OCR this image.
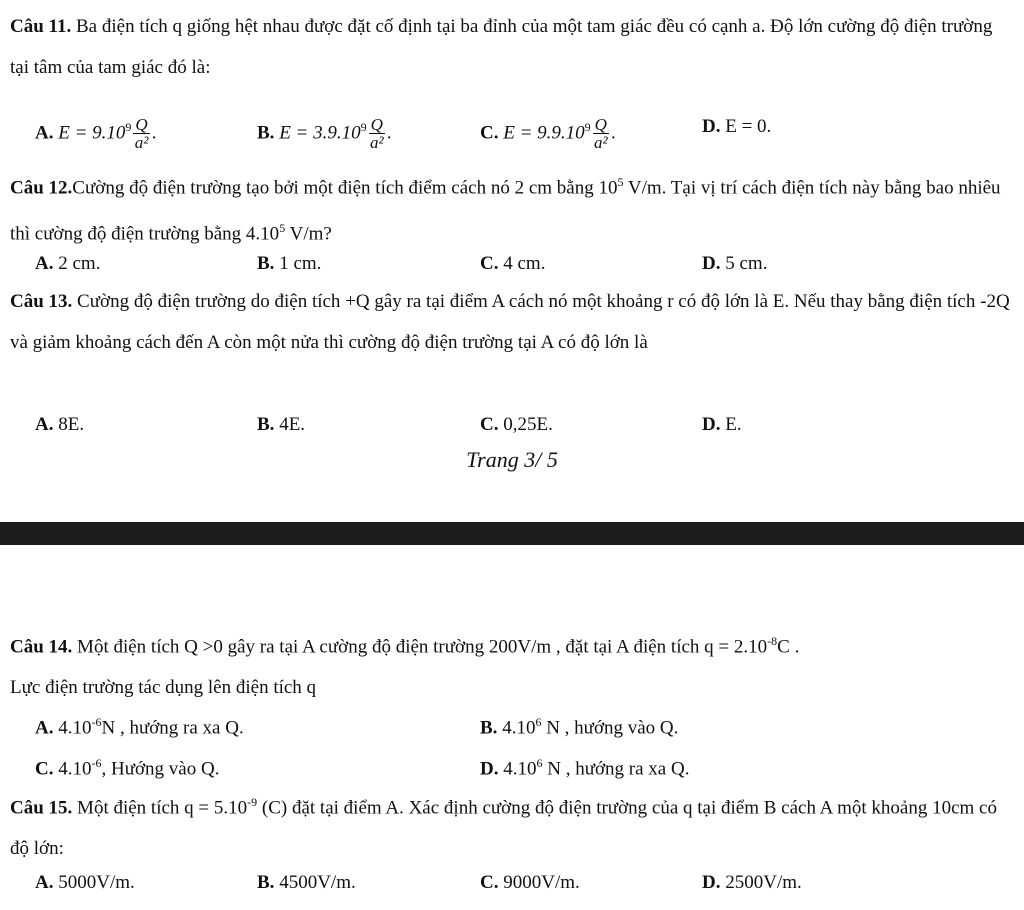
Câu 11. Ba điện tích q giống hệt nhau được đặt cố định tại ba đỉnh của một tam giác đều có cạnh a. Độ lớn cường độ điện trường tại tâm của tam giác đó là:

A. $E = 9.10^9 \frac{Q}{\text{a²}}$ .	B. $E = 3.9.10^9 \frac{Q}{\text{a²}}$ .	C. $E = 9.9.10^9 \frac{Q}{\text{a²}}$ .	D. E = 0.

Câu 12.Cường độ điện trường tạo bởi một điện tích điểm cách nó 2 cm bằng $10^5$ V/m. Tại vị trí cách điện tích này bằng bao nhiêu thì cường độ điện trường bằng 4.10$^5$ V/m?

A. 2 cm.	B. 1 cm.	C. 4 cm.	D. 5 cm.

Câu 13. Cường độ điện trường do điện tích +Q gây ra tại điểm A cách nó một khoảng r có độ lớn là E. Nếu thay bằng điện tích -2Q và giảm khoảng cách đến A còn một nửa thì cường độ điện trường tại A có độ lớn là

A. 8E.	B. 4E.	C. 0,25E.	D. E.
Trang 3/ 5

Câu 14. Một điện tích Q >0 gây ra tại A cường độ điện trường 200V/m , đặt tại A điện tích $q = 2.10^{-8}C$ .

Lực điện trường tác dụng lên điện tích q

A. $4.10^{-6}N$ , hướng ra xa Q.	B. 4.10$^6$ N , hướng vào Q.
C. $4.10^{-6}$, Hướng vào Q.	D. 4.10$^6$ N , hướng ra xa Q.

Câu 15. Một điện tích $q = 5.10^{-9}$ (C) đặt tại điểm A. Xác định cường độ điện trường của q tại điểm B cách A một khoảng 10cm có độ lớn:

A. 5000V/m.	B. 4500V/m.	C. 9000V/m.	D. 2500V/m.
